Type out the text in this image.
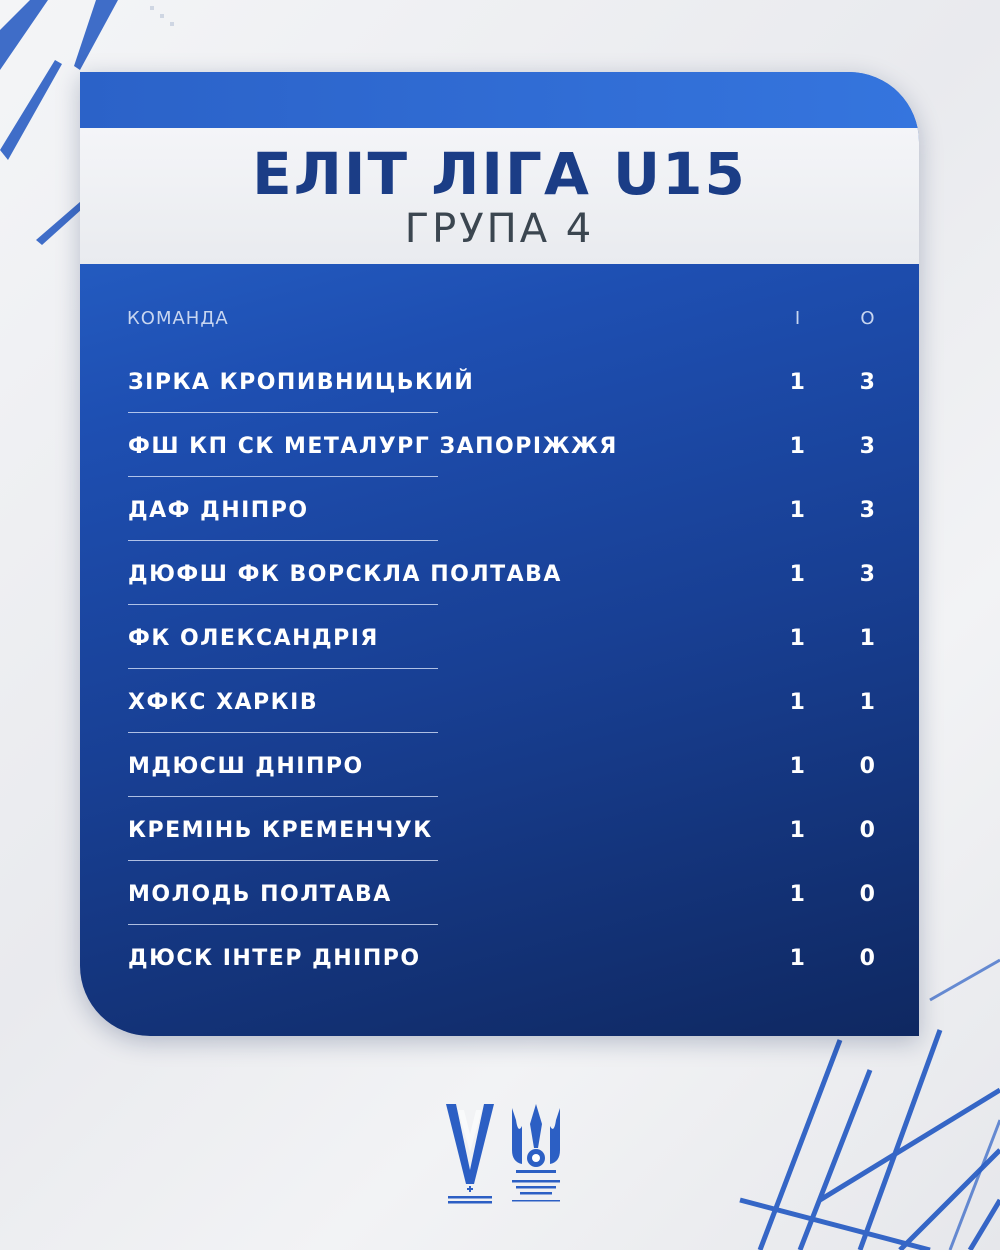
ЕЛІТ ЛІГА U15
ГРУПА 4
КОМАНДА	І	О
ЗІРКА КРОПИВНИЦЬКИЙ	1	3
ФШ КП СК МЕТАЛУРГ ЗАПОРІЖЖЯ	1	3
ДАФ ДНІПРО	1	3
ДЮФШ ФК ВОРСКЛА ПОЛТАВА	1	3
ФК ОЛЕКСАНДРІЯ	1	1
ХФКС ХАРКІВ	1	1
МДЮСШ ДНІПРО	1	0
КРЕМІНЬ КРЕМЕНЧУК	1	0
МОЛОДЬ ПОЛТАВА	1	0
ДЮСК ІНТЕР ДНІПРО	1	0
